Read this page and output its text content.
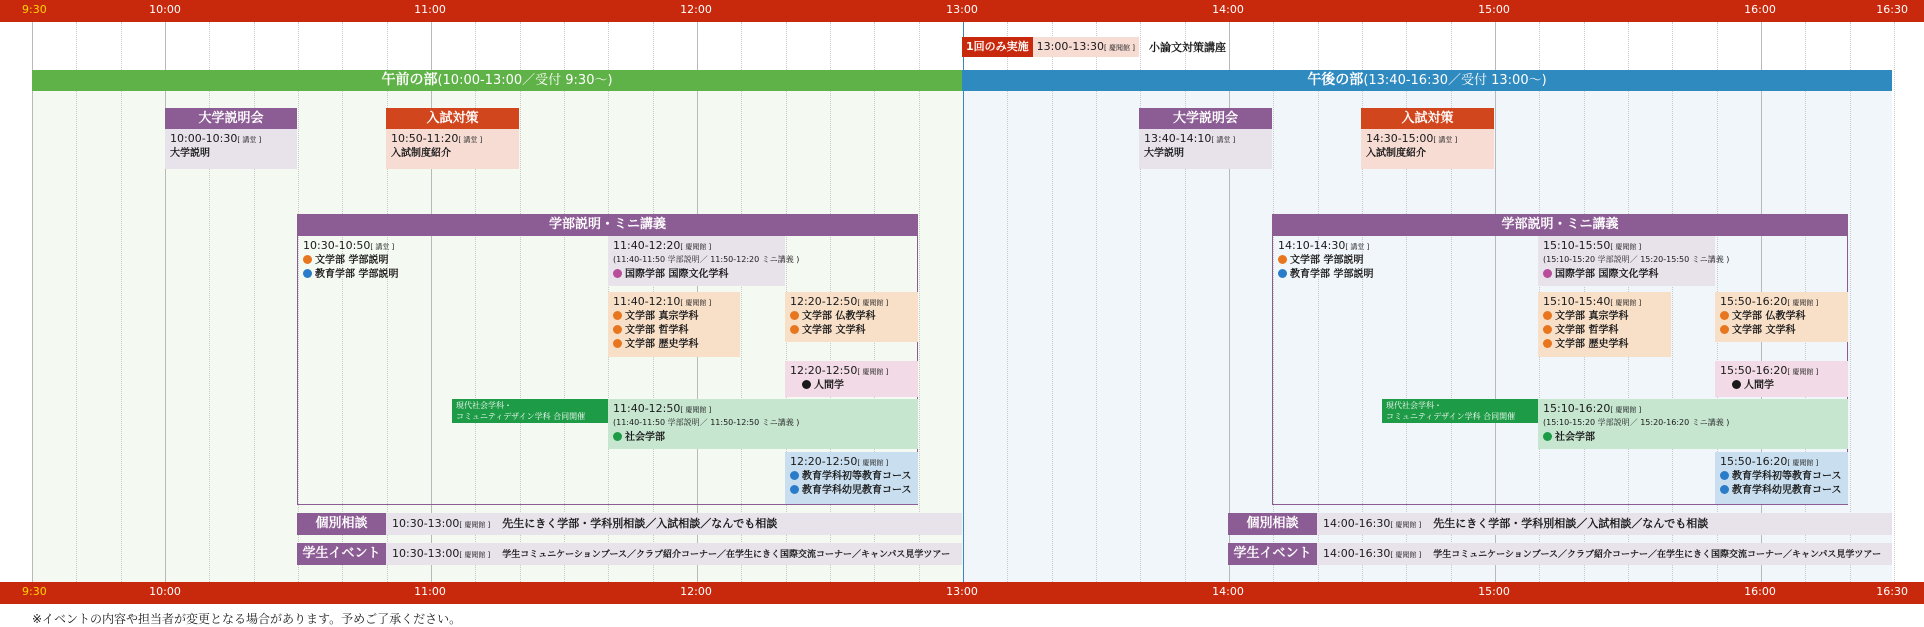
9:30	10:00	11:00	12:00	13:00	14:00	15:00	16:00	16:30
1回のみ実施 13:00-13:30[ 慶聞館 ]	小論文対策講座
午前の部(10:00-13:00／受付 9:30～)	午後の部(13:40-16:30／受付 13:00～)
大学説明会
10:00-10:30[ 講堂 ]
大学説明
入試対策
10:50-11:20[ 講堂 ]
入試制度紹介
学部説明・ミニ講義
10:30-10:50[ 講堂 ]
文学部 学部説明
教育学部 学部説明
11:40-12:20[ 慶聞館 ]
(11:40-11:50 学部説明／ 11:50-12:20 ミニ講義 )
国際学部 国際文化学科
11:40-12:10[ 慶聞館 ]
文学部 真宗学科
文学部 哲学科
文学部 歴史学科
12:20-12:50[ 慶聞館 ]
文学部 仏教学科
文学部 文学科
12:20-12:50[ 慶聞館 ]
人間学
現代社会学科・
コミュニティデザイン学科 合同開催
11:40-12:50[ 慶聞館 ]
(11:40-11:50 学部説明／ 11:50-12:50 ミニ講義 )
社会学部
12:20-12:50[ 慶聞館 ]
教育学科初等教育コース
教育学科幼児教育コース
個別相談	10:30-13:00[ 慶聞館 ] 先生にきく学部・学科別相談／入試相談／なんでも相談
学生イベント	10:30-13:00[ 慶聞館 ] 学生コミュニケーションブース／クラブ紹介コーナー／在学生にきく国際交流コーナー／キャンパス見学ツアー
大学説明会
13:40-14:10[ 講堂 ]
大学説明
入試対策
14:30-15:00[ 講堂 ]
入試制度紹介
学部説明・ミニ講義
14:10-14:30[ 講堂 ]
文学部 学部説明
教育学部 学部説明
15:10-15:50[ 慶聞館 ]
(15:10-15:20 学部説明／ 15:20-15:50 ミニ講義 )
国際学部 国際文化学科
15:10-15:40[ 慶聞館 ]
文学部 真宗学科
文学部 哲学科
文学部 歴史学科
15:50-16:20[ 慶聞館 ]
文学部 仏教学科
文学部 文学科
15:50-16:20[ 慶聞館 ]
人間学
現代社会学科・
コミュニティデザイン学科 合同開催
15:10-16:20[ 慶聞館 ]
(15:10-15:20 学部説明／ 15:20-16:20 ミニ講義 )
社会学部
15:50-16:20[ 慶聞館 ]
教育学科初等教育コース
教育学科幼児教育コース
個別相談	14:00-16:30[ 慶聞館 ] 先生にきく学部・学科別相談／入試相談／なんでも相談
学生イベント	14:00-16:30[ 慶聞館 ] 学生コミュニケーションブース／クラブ紹介コーナー／在学生にきく国際交流コーナー／キャンパス見学ツアー
9:30	10:00	11:00	12:00	13:00	14:00	15:00	16:00	16:30
※イベントの内容や担当者が変更となる場合があります。予めご了承ください。
